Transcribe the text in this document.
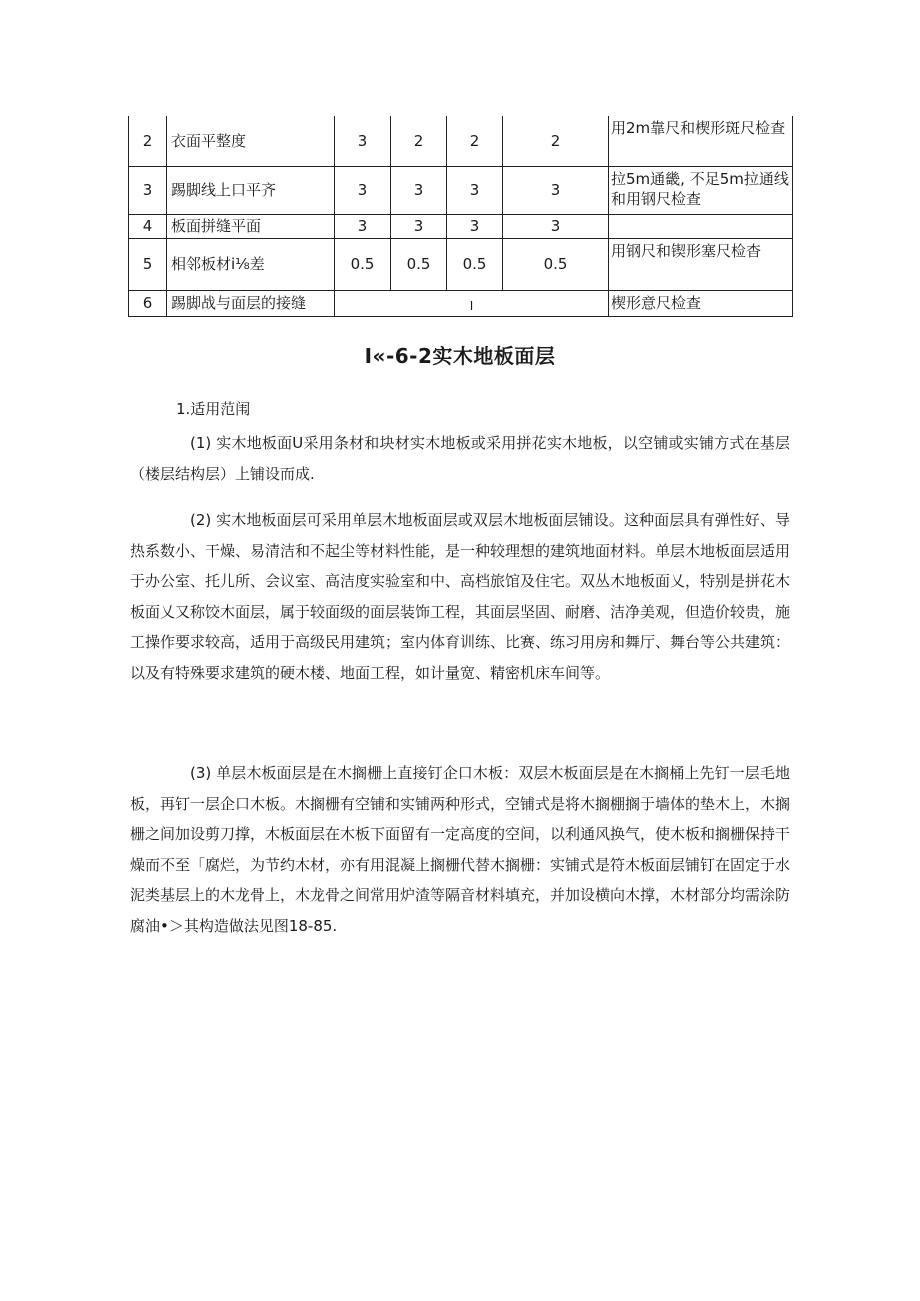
2	衣面平整度	3	2	2	2	用2m靠尺和楔形斑尺检查
3	踢脚线上口平齐	3	3	3	3	拉5m通畿, 不足5m拉通线和用钢尺检查
4	板面拼缝平面	3	3	3	3	
5	相邻板材i⅛差	0.5	0.5	0.5	0.5	用钢尺和锲形塞尺检杳
6	踢脚战与面层的接缝	I				楔形意尺检查
I«-6-2实木地板面层
1.适用范闱

(1) 实木地板面U采用条材和块材实木地板或采用拼花实木地板，以空铺或实铺方式在基层（楼层结构层）上铺设而成.

(2) 实木地板面层可采用单层木地板面层或双层木地板面层铺设。这种面层具有弹性好、导热系数小、干燥、易清洁和不起尘等材料性能，是一种较理想的建筑地面材料。单层木地板面层适用于办公室、托儿所、会议室、高洁度实验室和中、高档旅馆及住宅。双丛木地板面乂，特别是拼花木板面乂又称饺木面层，属于较面级的面层装饰工程，其面层坚固、耐磨、洁净美观，但造价较贵，施工操作要求较高，适用于高级民用建筑；室内体育训练、比赛、练习用房和舞厅、舞台等公共建筑：以及有特殊要求建筑的硬木楼、地面工程，如计量宽、精密机床车间等。

(3) 单层木板面层是在木搁栅上直接钉企口木板：双层木板面层是在木搁桶上先钉一层毛地板，再钉一层企口木板。木搁栅有空铺和实铺两种形式，空铺式是将木搁棚搁于墙体的垫木上，木搁栅之间加设剪刀撑，木板面层在木板下面留有一定高度的空间，以利通风换气，使木板和搁栅保持干燥而不至「腐烂，为节约木材，亦有用混凝上搁栅代替木搁栅：实铺式是符木板面层铺钉在固定于水泥类基层上的木龙骨上，木龙骨之间常用炉渣等隔音材料填充，并加设横向木撑，木材部分均需涂防腐油•＞其构造做法见图18-85.
